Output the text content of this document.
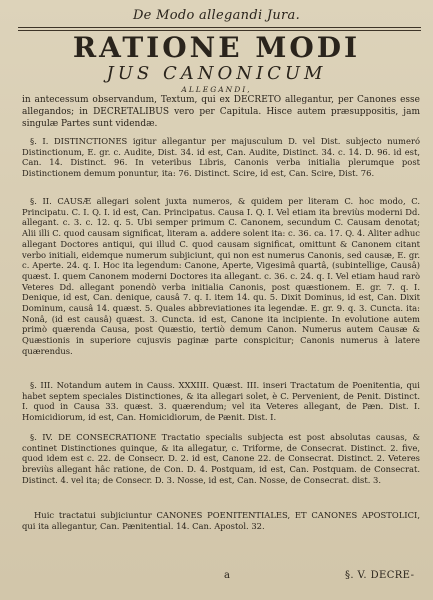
De Modo allegandi Jura.
RATIONE MODI
JUS CANONICUM
ALLEGANDI,
in antecessum observandum, Textum, qui ex DECRETO allegantur, per Canones esse allegandos; in DECRETALIBUS vero per Capitula. Hisce autem præsuppositis, jam singulæ Partes sunt videndæ.
§. I. DISTINCTIONES igitur allegantur per majusculum D. vel Dist. subjecto numeró Distinctionum, E. gr. c. Audite, Dist. 34. id est, Can. Audite, Distinct. 34. c. 14. D. 96. id est, Can. 14. Distinct. 96. In veteribus Libris, Canonis verba initialia plerumque post Distinctionem demum ponuntur, ita: 76. Distinct. Scire, id est, Can. Scire, Dist. 76.
§. II. CAUSÆ allegari solent juxta numeros, & quidem per literam C. hoc modo, C. Principatu. C. I. Q. I. id est, Can. Principatus. Causa I. Q. I. Vel etiam ita breviùs moderni Dd. allegant. c. 3. c. 12. q. 5. Ubi semper primum C. Canonem, secundum C. Causam denotat; Alii illi C. quod causam significat, literam a. addere solent ita: c. 36. ca. 17. Q. 4. Aliter adhuc allegant Doctores antiqui, qui illud C. quod causam significat, omittunt & Canonem citant verbo initiali, eidemque numerum subjiciunt, qui non est numerus Canonis, sed causæ, E. gr. c. Aperte. 24. q. I. Hoc ita legendum: Canone, Aperte, Vigesimâ quartâ, (subintellige, Causâ) quæst. I. quem Canonem moderni Doctores ita allegant. c. 36. c. 24. q. I. Vel etiam haud rarò Veteres Dd. allegant ponendò verba initialia Canonis, post quæstionem. E. gr. 7. q. I. Denique, id est, Can. denique, causâ 7. q. I. item 14. qu. 5. Dixit Dominus, id est, Can. Dixit Dominum, causâ 14. quæst. 5. Quales abbreviationes ita legendæ. E. gr. 9. q. 3. Cuncta. ita: Nonâ, (id est causâ) quæst. 3. Cuncta. id est, Canone ita incipiente. In evolutione autem primò quærenda Causa, post Quæstio, tertiò demum Canon. Numerus autem Causæ & Quæstionis in superiore cujusvis paginæ parte conspicitur; Canonis numerus à latere quærendus.
§. III. Notandum autem in Causs. XXXIII. Quæst. III. inseri Tractatum de Poenitentia, qui habet septem speciales Distinctiones, & ita allegari solet, è C. Pervenient, de Penit. Distinct. I. quod in Causa 33. quæst. 3. quærendum; vel ita Veteres allegant, de Pæn. Dist. I. Homicidiorum, id est, Can. Homicidiorum, de Pænit. Dist. I.
§. IV. DE CONSECRATIONE Tractatio specialis subjecta est post absolutas causas, & continet Distinctiones quinque, & ita allegatur, c. Triforme, de Consecrat. Distinct. 2. five, quod idem est c. 22. de Consecr. D. 2. id est, Canone 22. de Consecrat. Distinct. 2. Veteres breviùs allegant hâc ratione, de Con. D. 4. Postquam, id est, Can. Postquam. de Consecrat. Distinct. 4. vel ita; de Consecr. D. 3. Nosse, id est, Can. Nosse, de Consecrat. dist. 3.
Huic tractatui subjiciuntur CANONES POENITENTIALES, ET CANONES APOSTOLICI, qui ita allegantur, Can. Pænitential. 14. Can. Apostol. 32.
a	§. V. DECRE-
